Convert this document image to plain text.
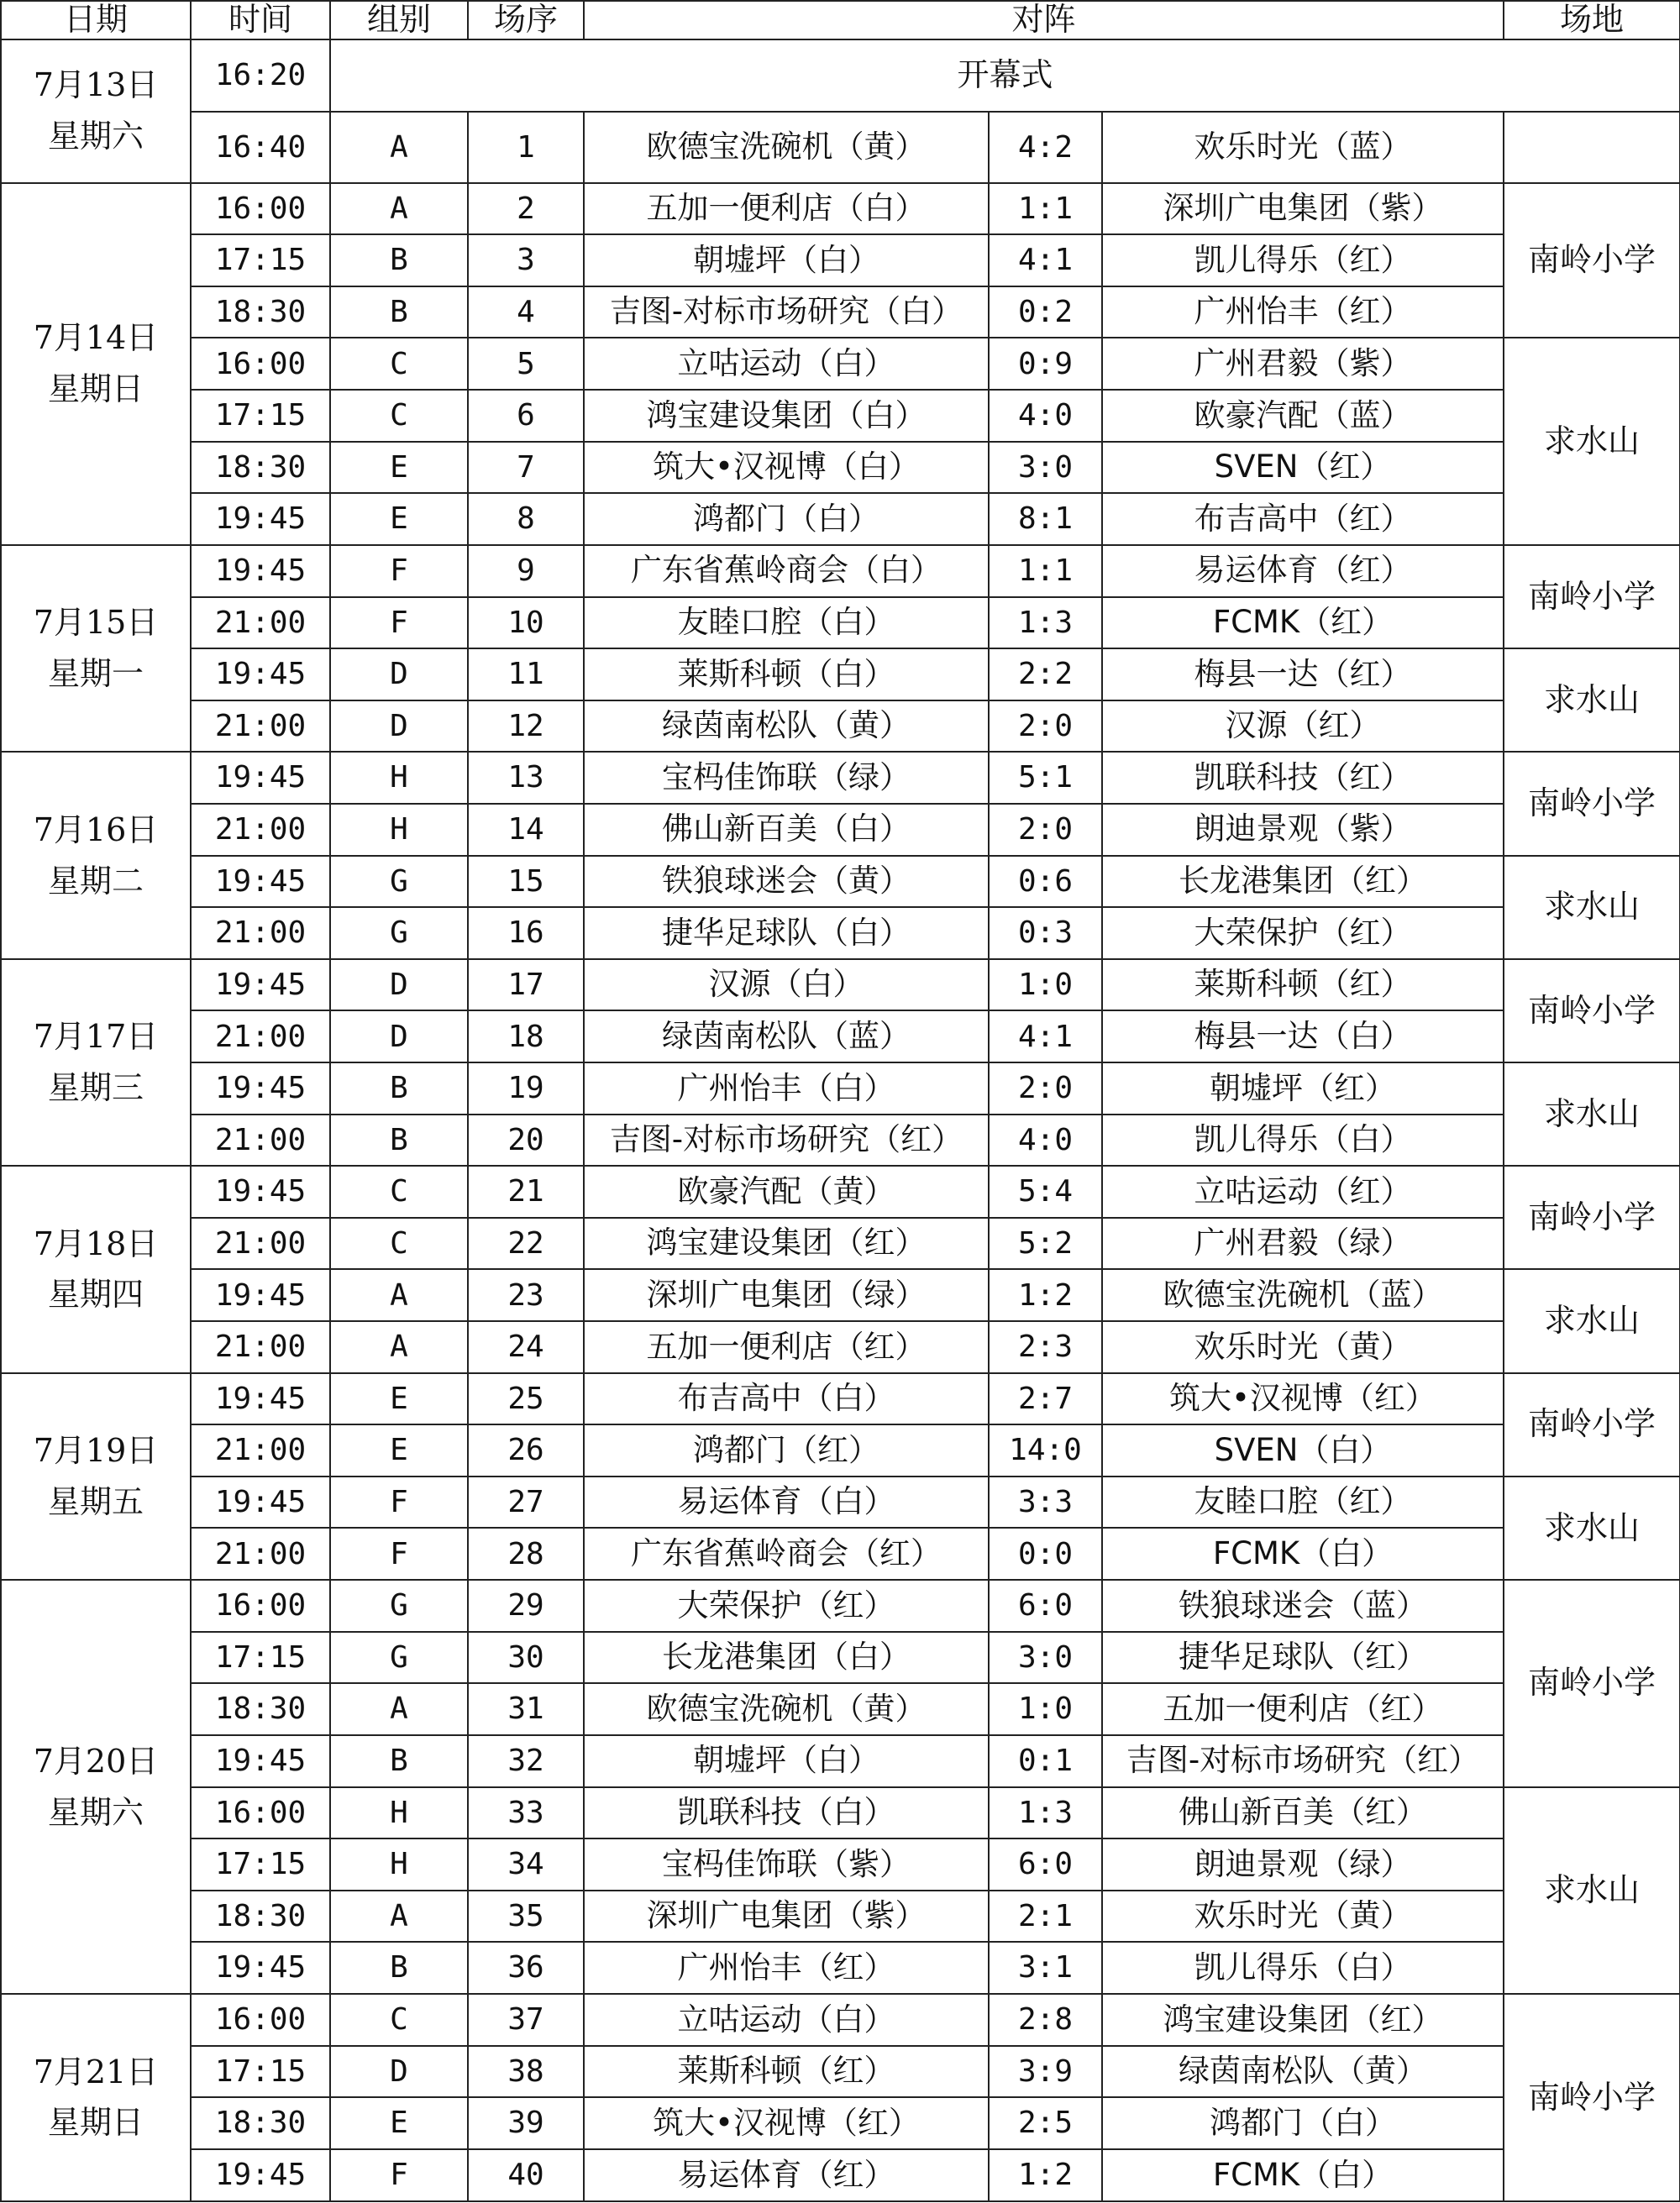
日期	时间	组别	场序	对阵			场地	

7月13日
星期六	16:20	开幕式	
	16:40	A	1	欧德宝洗碗机（黄）	4:2	欢乐时光（蓝）		

7月14日
星期日	16:00	A	2	五加一便利店（白）	1:1	深圳广电集团（紫）	南岭小学	
	17:15	B	3	朝墟坪（白）	4:1	凯儿得乐（红）		
	18:30	B	4	吉图-对标市场研究（白）	0:2	广州怡丰（红）		
	16:00	C	5	立咕运动（白）	0:9	广州君毅（紫）	求水山	
	17:15	C	6	鸿宝建设集团（白）	4:0	欧豪汽配（蓝）		
	18:30	E	7	筑大•汉视博（白）	3:0	SVEN（红）		
	19:45	E	8	鸿都门（白）	8:1	布吉高中（红）		

7月15日
星期一	19:45	F	9	广东省蕉岭商会（白）	1:1	易运体育（红）	南岭小学	
	21:00	F	10	友睦口腔（白）	1:3	FCMK（红）		
	19:45	D	11	莱斯科顿（白）	2:2	梅县一达（红）	求水山	
	21:00	D	12	绿茵南松队（黄）	2:0	汉源（红）		

7月16日
星期二	19:45	H	13	宝杩佳饰联（绿）	5:1	凯联科技（红）	南岭小学	
	21:00	H	14	佛山新百美（白）	2:0	朗迪景观（紫）		
	19:45	G	15	铁狼球迷会（黄）	0:6	长龙港集团（红）	求水山	
	21:00	G	16	捷华足球队（白）	0:3	大荣保护（红）		

7月17日
星期三	19:45	D	17	汉源（白）	1:0	莱斯科顿（红）	南岭小学	
	21:00	D	18	绿茵南松队（蓝）	4:1	梅县一达（白）		
	19:45	B	19	广州怡丰（白）	2:0	朝墟坪（红）	求水山	
	21:00	B	20	吉图-对标市场研究（红）	4:0	凯儿得乐（白）		

7月18日
星期四	19:45	C	21	欧豪汽配（黄）	5:4	立咕运动（红）	南岭小学	
	21:00	C	22	鸿宝建设集团（红）	5:2	广州君毅（绿）		
	19:45	A	23	深圳广电集团（绿）	1:2	欧德宝洗碗机（蓝）	求水山	
	21:00	A	24	五加一便利店（红）	2:3	欢乐时光（黄）		

7月19日
星期五	19:45	E	25	布吉高中（白）	2:7	筑大•汉视博（红）	南岭小学	
	21:00	E	26	鸿都门（红）	14:0	SVEN（白）		
	19:45	F	27	易运体育（白）	3:3	友睦口腔（红）	求水山	
	21:00	F	28	广东省蕉岭商会（红）	0:0	FCMK（白）		

7月20日
星期六	16:00	G	29	大荣保护（红）	6:0	铁狼球迷会（蓝）	南岭小学	
	17:15	G	30	长龙港集团（白）	3:0	捷华足球队（红）		
	18:30	A	31	欧德宝洗碗机（黄）	1:0	五加一便利店（红）		
	19:45	B	32	朝墟坪（白）	0:1	吉图-对标市场研究（红）		
	16:00	H	33	凯联科技（白）	1:3	佛山新百美（红）	求水山	
	17:15	H	34	宝杩佳饰联（紫）	6:0	朗迪景观（绿）		
	18:30	A	35	深圳广电集团（紫）	2:1	欢乐时光（黄）		
	19:45	B	36	广州怡丰（红）	3:1	凯儿得乐（白）		

7月21日
星期日	16:00	C	37	立咕运动（白）	2:8	鸿宝建设集团（红）	南岭小学	
	17:15	D	38	莱斯科顿（红）	3:9	绿茵南松队（黄）		
	18:30	E	39	筑大•汉视博（红）	2:5	鸿都门（白）		
	19:45	F	40	易运体育（红）	1:2	FCMK（白）		
